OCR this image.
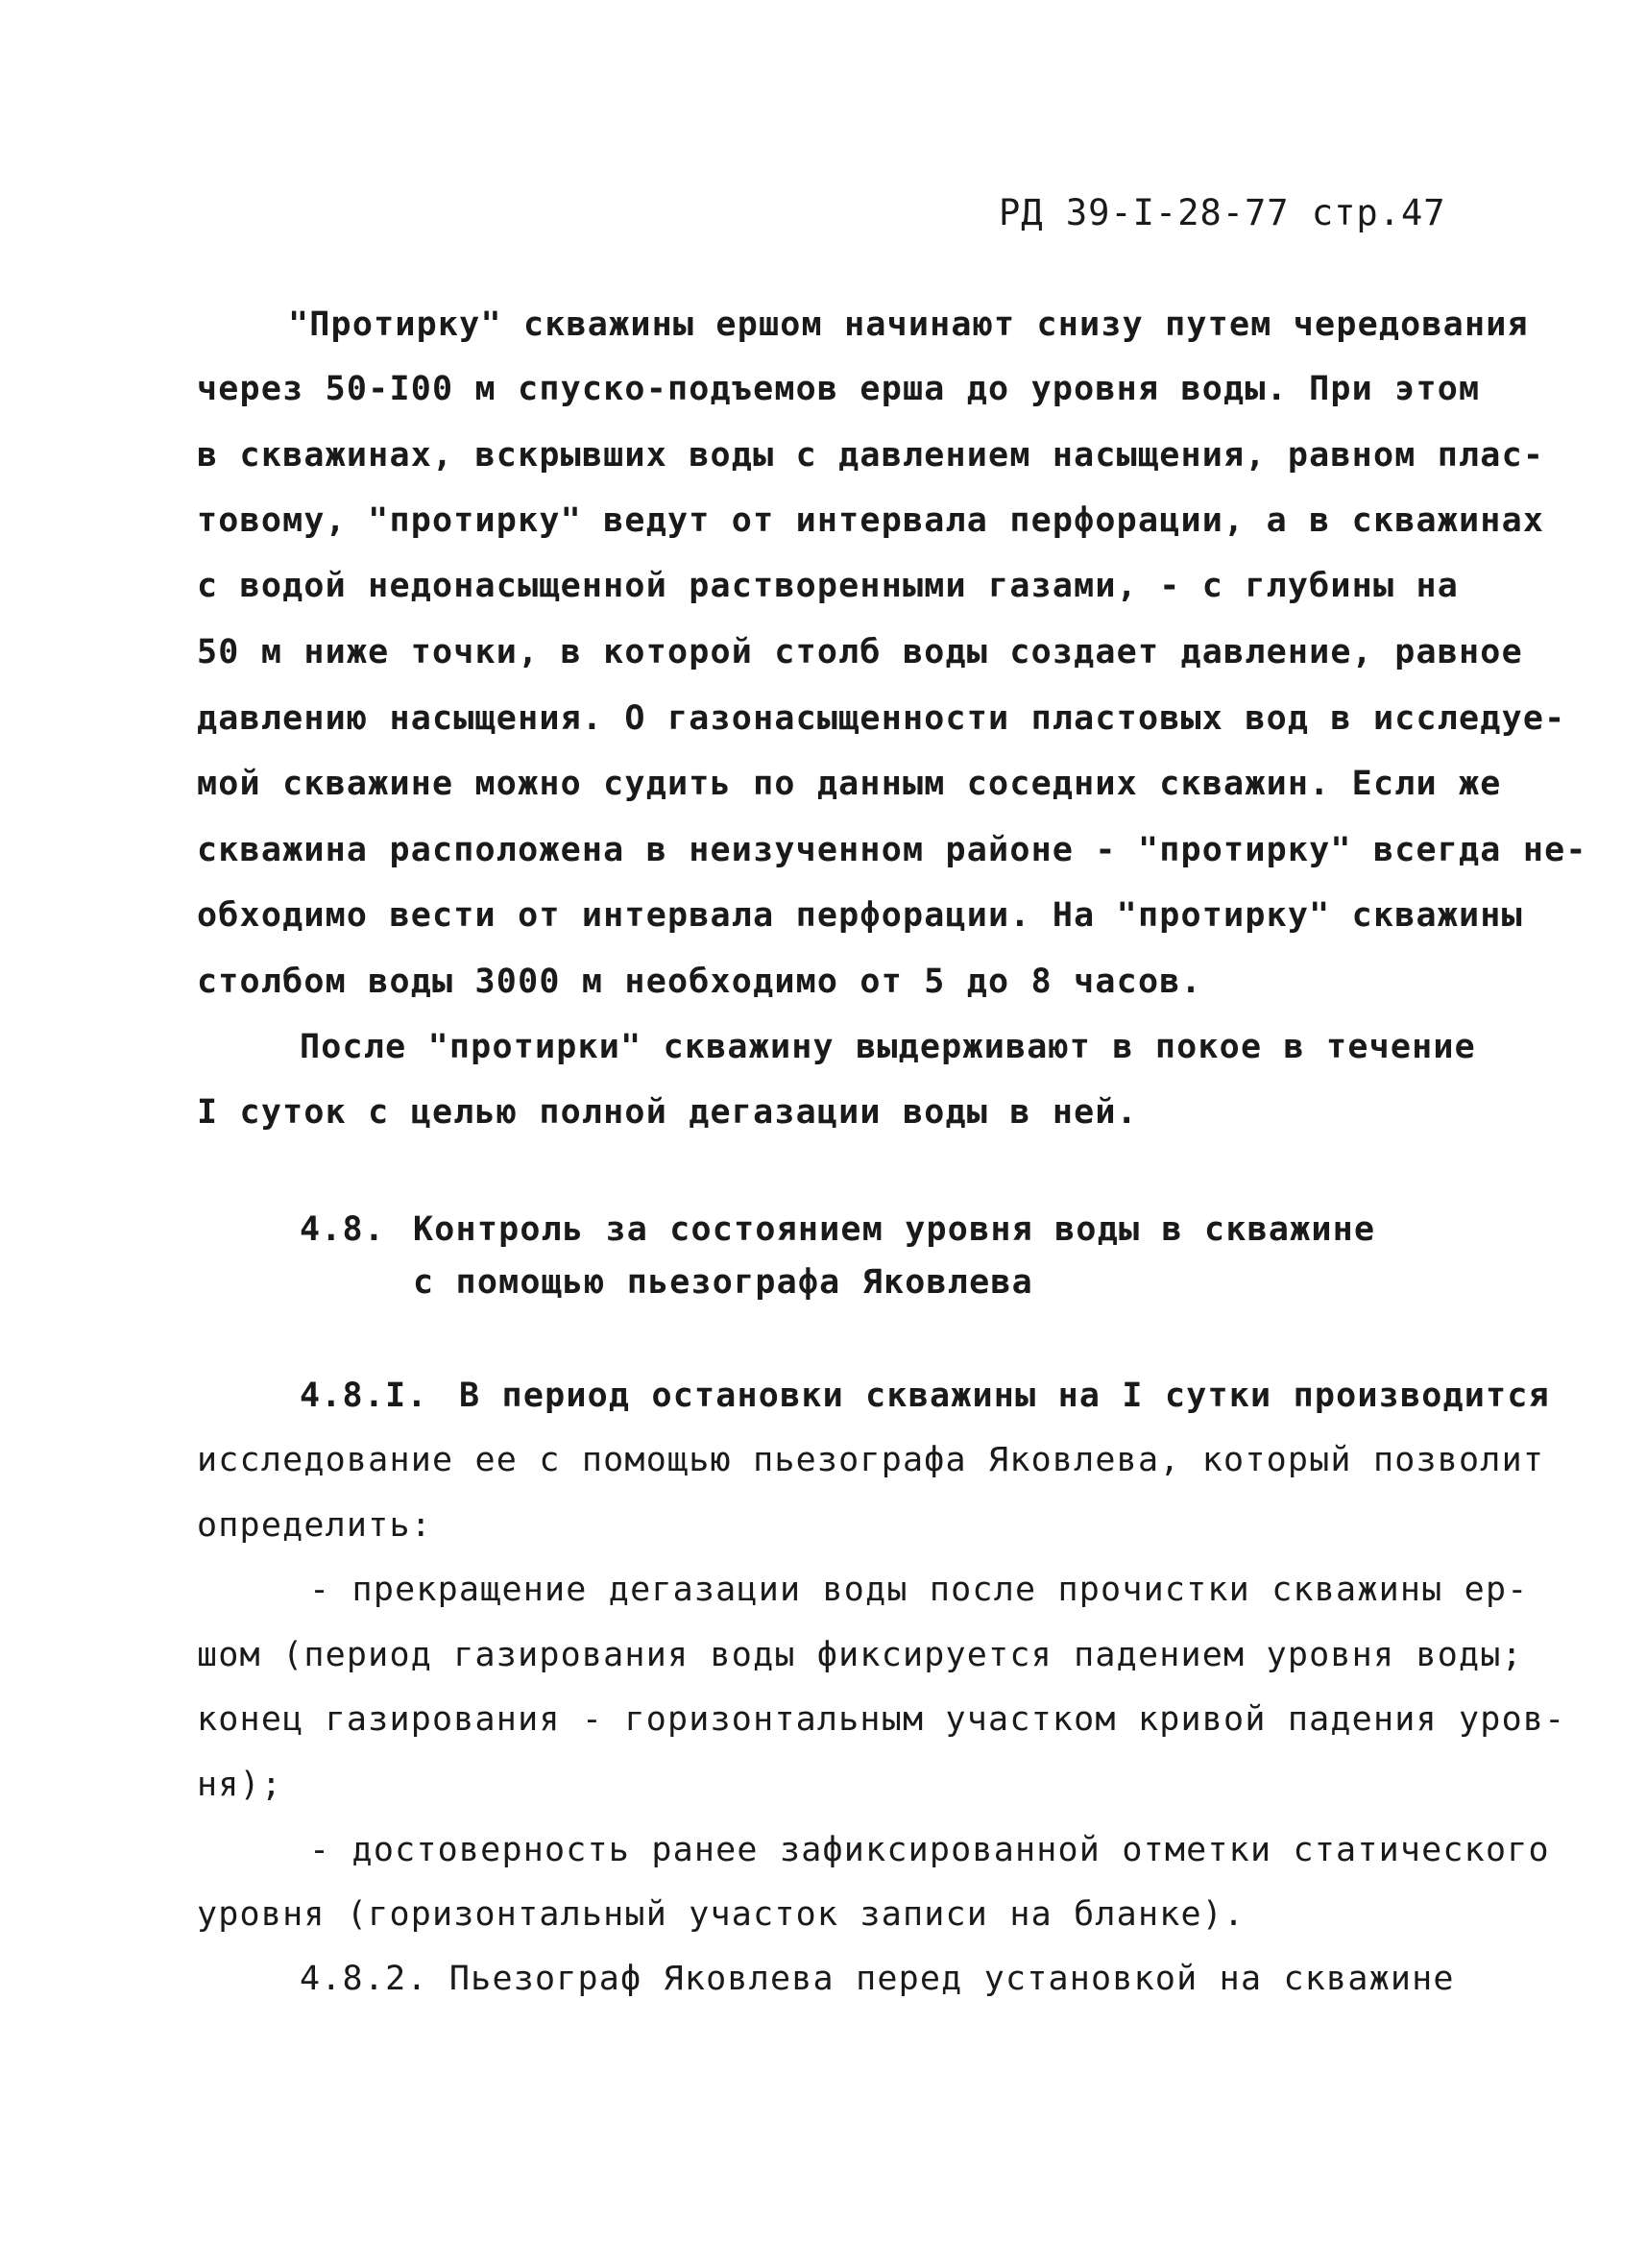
РД 39-I-28-77 стр.47
"Протирку" скважины ершом начинают снизу путем чередования
через 50-I00 м спуско-подъемов ерша до уровня воды. При этом
в скважинах, вскрывших воды с давлением насыщения, равном плас-
товому, "протирку" ведут от интервала перфорации, а в скважинах
с водой недонасыщенной растворенными газами, - с глубины на
50 м ниже точки, в которой столб воды создает давление, равное
давлению насыщения. О газонасыщенности пластовых вод в исследуе-
мой скважине можно судить по данным соседних скважин. Если же
скважина расположена в неизученном районе - "протирку" всегда не-
обходимо вести от интервала перфорации. На "протирку" скважины
столбом воды 3000 м необходимо от 5 до 8 часов.
После "протирки" скважину выдерживают в покое в течение
I суток с целью полной дегазации воды в ней.
4.8. Контроль за состоянием уровня воды в скважине
с помощью пьезографа Яковлева
4.8.I. В период остановки скважины на I сутки производится
исследование ее с помощью пьезографа Яковлева, который позволит
определить:
- прекращение дегазации воды после прочистки скважины ер-
шом (период газирования воды фиксируется падением уровня воды;
конец газирования - горизонтальным участком кривой падения уров-
ня);
- достоверность ранее зафиксированной отметки статического
уровня (горизонтальный участок записи на бланке).
4.8.2. Пьезограф Яковлева перед установкой на скважине
